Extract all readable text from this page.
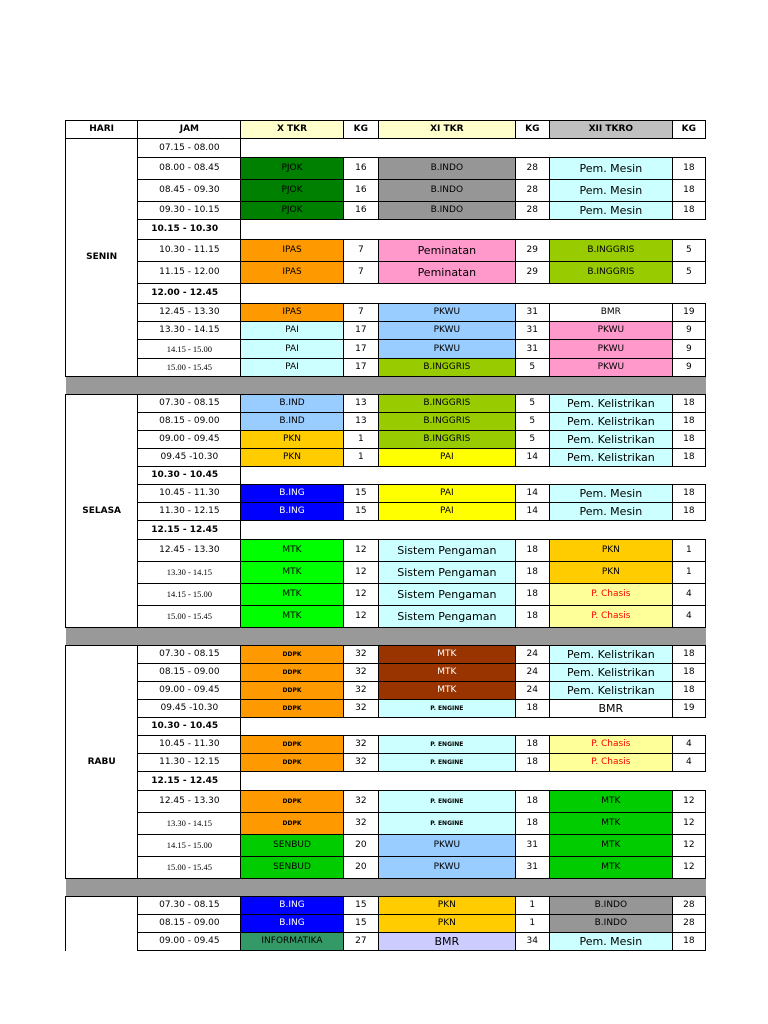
HARI	JAM	X TKR	KG	XI TKR	KG	XII TKRO	KG
SENIN	07.15 - 08.00						
	08.00 - 08.45	PJOK	16	B.INDO	28	Pem. Mesin	18
	08.45 - 09.30	PJOK	16	B.INDO	28	Pem. Mesin	18
	09.30 - 10.15	PJOK	16	B.INDO	28	Pem. Mesin	18
	10.15 - 10.30						
	10.30 - 11.15	IPAS	7	Peminatan	29	B.INGGRIS	5
	11.15 - 12.00	IPAS	7	Peminatan	29	B.INGGRIS	5
	12.00 - 12.45						
	12.45 - 13.30	IPAS	7	PKWU	31	BMR	19
	13.30 - 14.15	PAI	17	PKWU	31	PKWU	9
	14.15 - 15.00	PAI	17	PKWU	31	PKWU	9
	15.00 - 15.45	PAI	17	B.INGGRIS	5	PKWU	9

SELASA	07.30 - 08.15	B.IND	13	B.INGGRIS	5	Pem. Kelistrikan	18
	08.15 - 09.00	B.IND	13	B.INGGRIS	5	Pem. Kelistrikan	18
	09.00 - 09.45	PKN	1	B.INGGRIS	5	Pem. Kelistrikan	18
	09.45 -10.30	PKN	1	PAI	14	Pem. Kelistrikan	18
	10.30 - 10.45						
	10.45 - 11.30	B.ING	15	PAI	14	Pem. Mesin	18
	11.30 - 12.15	B.ING	15	PAI	14	Pem. Mesin	18
	12.15 - 12.45						
	12.45 - 13.30	MTK	12	Sistem Pengaman	18	PKN	1
	13.30 - 14.15	MTK	12	Sistem Pengaman	18	PKN	1
	14.15 - 15.00	MTK	12	Sistem Pengaman	18	P. Chasis	4
	15.00 - 15.45	MTK	12	Sistem Pengaman	18	P. Chasis	4

RABU	07.30 - 08.15	DDPK	32	MTK	24	Pem. Kelistrikan	18
	08.15 - 09.00	DDPK	32	MTK	24	Pem. Kelistrikan	18
	09.00 - 09.45	DDPK	32	MTK	24	Pem. Kelistrikan	18
	09.45 -10.30	DDPK	32	P. ENGINE	18	BMR	19
	10.30 - 10.45						
	10.45 - 11.30	DDPK	32	P. ENGINE	18	P. Chasis	4
	11.30 - 12.15	DDPK	32	P. ENGINE	18	P. Chasis	4
	12.15 - 12.45						
	12.45 - 13.30	DDPK	32	P. ENGINE	18	MTK	12
	13.30 - 14.15	DDPK	32	P. ENGINE	18	MTK	12
	14.15 - 15.00	SENBUD	20	PKWU	31	MTK	12
	15.00 - 15.45	SENBUD	20	PKWU	31	MTK	12

	07.30 - 08.15	B.ING	15	PKN	1	B.INDO	28
	08.15 - 09.00	B.ING	15	PKN	1	B.INDO	28
	09.00 - 09.45	INFORMATIKA	27	BMR	34	Pem. Mesin	18
